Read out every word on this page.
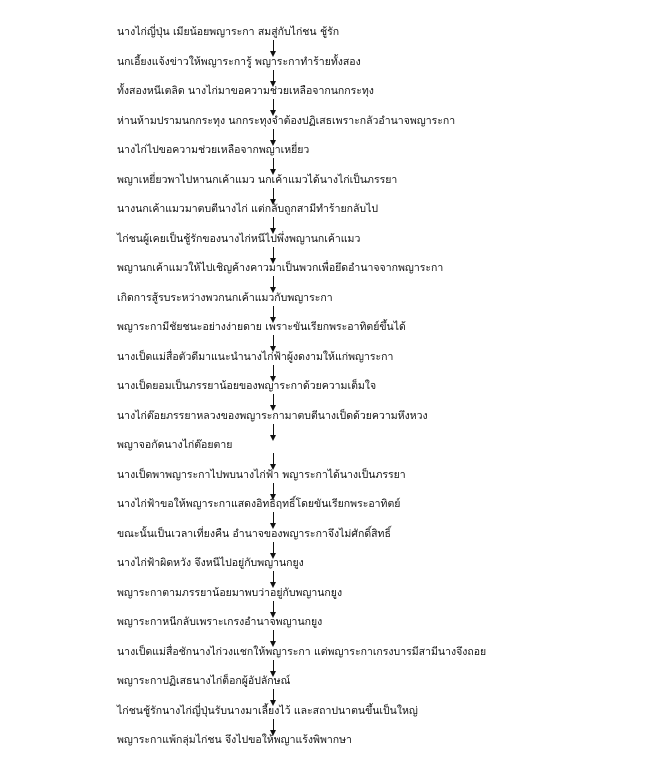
นางไก่ญี่ปุ่น เมียน้อยพญาระกา สมสู่กับไก่ชน ชู้รัก
นกเอี้ยงแจ้งข่าวให้พญาระการู้ พญาระกาทำร้ายทั้งสอง
ทั้งสองหนีเตลิด นางไก่มาขอความช่วยเหลือจากนกกระทุง
ห่านห้ามปรามนกกระทุง นกกระทุงจำต้องปฏิเสธเพราะกลัวอำนาจพญาระกา
นางไก่ไปขอความช่วยเหลือจากพญาเหยี่ยว
พญาเหยี่ยวพาไปหานกเค้าแมว นกเค้าแมวได้นางไก่เป็นภรรยา
นางนกเค้าแมวมาตบตีนางไก่ แต่กลับถูกสามีทำร้ายกลับไป
ไก่ชนผู้เคยเป็นชู้รักของนางไก่หนีไปพึ่งพญานกเค้าแมว
พญานกเค้าแมวให้ไปเชิญค้างคาวมาเป็นพวกเพื่อยึดอำนาจจากพญาระกา
เกิดการสู้รบระหว่างพวกนกเค้าแมวกับพญาระกา
พญาระกามีชัยชนะอย่างง่ายดาย เพราะขันเรียกพระอาทิตย์ขึ้นได้
นางเป็ดแม่สื่อตัวดีมาแนะนำนางไก่ฟ้าผู้งดงามให้แก่พญาระกา
นางเป็ดยอมเป็นภรรยาน้อยของพญาระกาด้วยความเต็มใจ
นางไก่ต๊อยภรรยาหลวงของพญาระกามาตบตีนางเป็ดด้วยความหึงหวง
พญาจอกัดนางไก่ต๊อยตาย
นางเป็ดพาพญาระกาไปพบนางไก่ฟ้า พญาระกาได้นางเป็นภรรยา
นางไก่ฟ้าขอให้พญาระกาแสดงอิทธิฤทธิ์โดยขันเรียกพระอาทิตย์
ขณะนั้นเป็นเวลาเที่ยงคืน อำนาจของพญาระกาจึงไม่ศักดิ์สิทธิ์
นางไก่ฟ้าผิดหวัง จึงหนีไปอยู่กับพญานกยูง
พญาระกาตามภรรยาน้อยมาพบว่าอยู่กับพญานกยูง
พญาระกาหนีกลับเพราะเกรงอำนาจพญานกยูง
นางเป็ดแม่สื่อชักนางไก่วงแชกให้พญาระกา แต่พญาระกาเกรงบารมีสามีนางจึงถอย
พญาระกาปฏิเสธนางไก่ต็อกผู้อัปลักษณ์
ไก่ชนชู้รักนางไก่ญี่ปุ่นรับนางมาเลี้ยงไว้ และสถาปนาตนขึ้นเป็นใหญ่
พญาระกาแพ้กลุ่มไก่ชน จึงไปขอให้พญาแร้งพิพากษา
